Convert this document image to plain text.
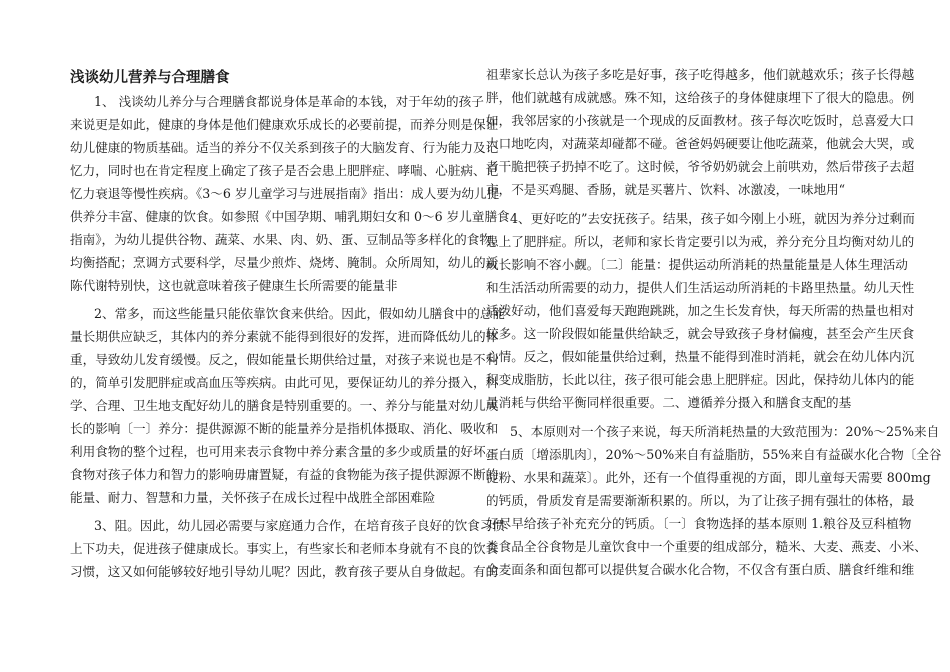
浅谈幼儿营养与合理膳食
1、 浅谈幼儿养分与合理膳食都说身体是革命的本钱，对于年幼的孩子
来说更是如此，健康的身体是他们健康欢乐成长的必要前提，而养分则是保证
幼儿健康的物质基础。适当的养分不仅关系到孩子的大脑发育、行为能力及记
忆力，同时也在肯定程度上确定了孩子是否会患上肥胖症、哮喘、心脏病、记
忆力衰退等慢性疾病。《3～6 岁儿童学习与进展指南》指出：成人要为幼儿提
供养分丰富、健康的饮食。如参照《中国孕期、哺乳期妇女和 0～6 岁儿童膳食
指南》，为幼儿提供谷物、蔬菜、水果、肉、奶、蛋、豆制品等多样化的食物，
均衡搭配；烹调方式要科学，尽量少煎炸、烧烤、腌制。众所周知，幼儿的新
陈代谢特别快，这也就意味着孩子健康生长所需要的能量非
2、常多，而这些能量只能依靠饮食来供给。因此，假如幼儿膳食中的总能
量长期供应缺乏，其体内的养分素就不能得到很好的发挥，进而降低幼儿的体
重，导致幼儿发育缓慢。反之，假如能量长期供给过量，对孩子来说也是不利
的，简单引发肥胖症或高血压等疾病。由此可见，要保证幼儿的养分摄入，科
学、合理、卫生地支配好幼儿的膳食是特别重要的。一、养分与能量对幼儿成
长的影响〔一〕养分：提供源源不断的能量养分是指机体摄取、消化、吸收和
利用食物的整个过程，也可用来表示食物中养分素含量的多少或质量的好坏。
食物对孩子体力和智力的影响毋庸置疑，有益的食物能为孩子提供源源不断的
能量、耐力、智慧和力量，关怀孩子在成长过程中战胜全部困难险
3、阻。因此，幼儿园必需要与家庭通力合作，在培育孩子良好的饮食习惯
上下功夫，促进孩子健康成长。事实上，有些家长和老师本身就有不良的饮食
习惯，这又如何能够较好地引导幼儿呢？因此，教育孩子要从自身做起。有的
祖辈家长总认为孩子多吃是好事，孩子吃得越多，他们就越欢乐；孩子长得越
胖，他们就越有成就感。殊不知，这给孩子的身体健康埋下了很大的隐患。例
如，我邻居家的小孩就是一个现成的反面教材。孩子每次吃饭时，总喜爱大口
大口地吃肉，对蔬菜却碰都不碰。爸爸妈妈硬要让他吃蔬菜，他就会大哭，或
者干脆把筷子扔掉不吃了。这时候，爷爷奶奶就会上前哄劝，然后带孩子去超
市，不是买鸡腿、香肠，就是买薯片、饮料、冰激凌，一味地用“
4、更好吃的”去安抚孩子。结果，孩子如今刚上小班，就因为养分过剩而
患上了肥胖症。所以，老师和家长肯定要引以为戒，养分充分且均衡对幼儿的
成长影响不容小觑。〔二〕能量：提供运动所消耗的热量能量是人体生理活动
和生活活动所需要的动力，提供人们生活运动所消耗的卡路里热量。幼儿天性
活泼好动，他们喜爱每天跑跑跳跳，加之生长发育快，每天所需的热量也相对
较多。这一阶段假如能量供给缺乏，就会导致孩子身材偏瘦，甚至会产生厌食
心情。反之，假如能量供给过剩，热量不能得到准时消耗，就会在幼儿体内沉
积变成脂肪，长此以往，孩子很可能会患上肥胖症。因此，保持幼儿体内的能
量消耗与供给平衡同样很重要。二、遵循养分摄入和膳食支配的基
5、本原则对一个孩子来说，每天所消耗热量的大致范围为：20%～25%来自
蛋白质〔增添肌肉〕，20%～50%来自有益脂肪，55%来自有益碳水化合物〔全谷
淀粉、水果和蔬菜〕。此外，还有一个值得重视的方面，即儿童每天需要 800mg
的钙质，骨质发育是需要渐渐积累的。所以，为了让孩子拥有强壮的体格，最
好尽早给孩子补充充分的钙质。〔一〕食物选择的基本原则 1.粮谷及豆科植物
类食品全谷食物是儿童饮食中一个重要的组成部分，糙米、大麦、燕麦、小米、
全麦面条和面包都可以提供复合碳水化合物，不仅含有蛋白质、膳食纤维和维
